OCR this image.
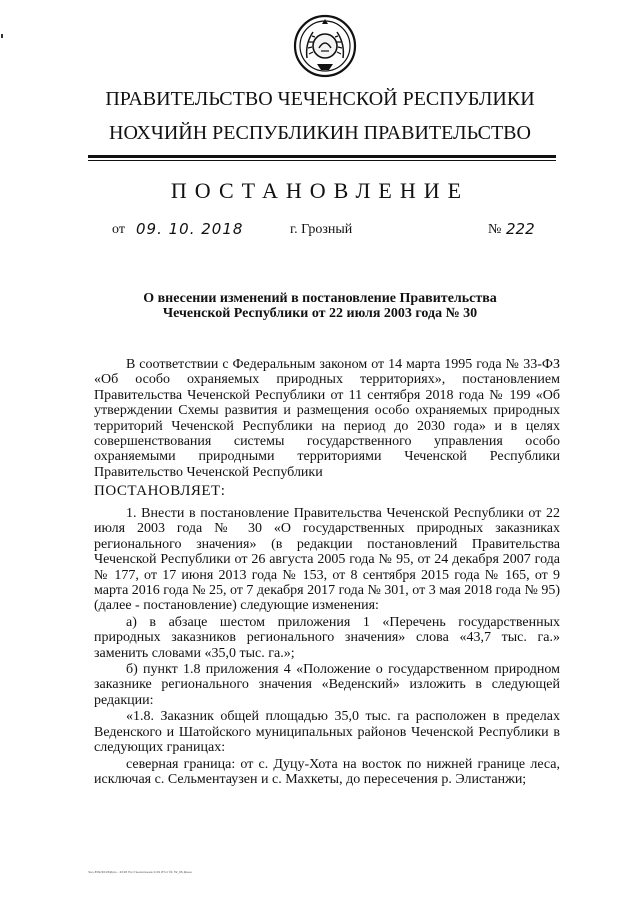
ПРАВИТЕЛЬСТВО ЧЕЧЕНСКОЙ РЕСПУБЛИКИ
НОХЧИЙН РЕСПУБЛИКИН ПРАВИТЕЛЬСТВО
ПОСТАНОВЛЕНИЕ
от 09. 10. 2018	г. Грозный	№ 222
О внесении изменений в постановление Правительства
Чеченской Республики от 22 июля 2003 года № 30

В соответствии с Федеральным законом от 14 марта 1995 года № 33-ФЗ «Об особо охраняемых природных территориях», постановлением Правительства Чеченской Республики от 11 сентября 2018 года № 199 «Об утверждении Схемы развития и размещения особо охраняемых природных территорий Чеченской Республики на период до 2030 года» и в целях совершенствования системы государственного управления особо охраняемыми природными территориями Чеченской Республики Правительство Чеченской Республики

ПОСТАНОВЛЯЕТ:

1. Внести в постановление Правительства Чеченской Республики от 22 июля 2003 года № 30 «О государственных природных заказниках регионального значения» (в редакции постановлений Правительства Чеченской Республики от 26 августа 2005 года № 95, от 24 декабря 2007 года № 177, от 17 июня 2013 года № 153, от 8 сентября 2015 года № 165, от 9 марта 2016 года № 25, от 7 декабря 2017 года № 301, от 3 мая 2018 года № 95) (далее - постановление) следующие изменения:

а) в абзаце шестом приложения 1 «Перечень государственных природных заказников регионального значения» слова «43,7 тыс. га.» заменить словами «35,0 тыс. га.»;

б) пункт 1.8 приложения 4 «Положение о государственном природном заказнике регионального значения «Веденский» изложить в следующей редакции:

«1.8. Заказник общей площадью 35,0 тыс. га расположен в пределах Веденского и Шатойского муниципальных районов Чеченской Республики в следующих границах:

северная граница: от с. Дуцу-Хота на восток по нижней границе леса, исключая с. Сельментаузен и с. Махкеты, до пересечения р. Элистанжи;

Чеч-Е09/2018/Дом - 2018 Постановление 0.09 Итог № 39_06 Данн
